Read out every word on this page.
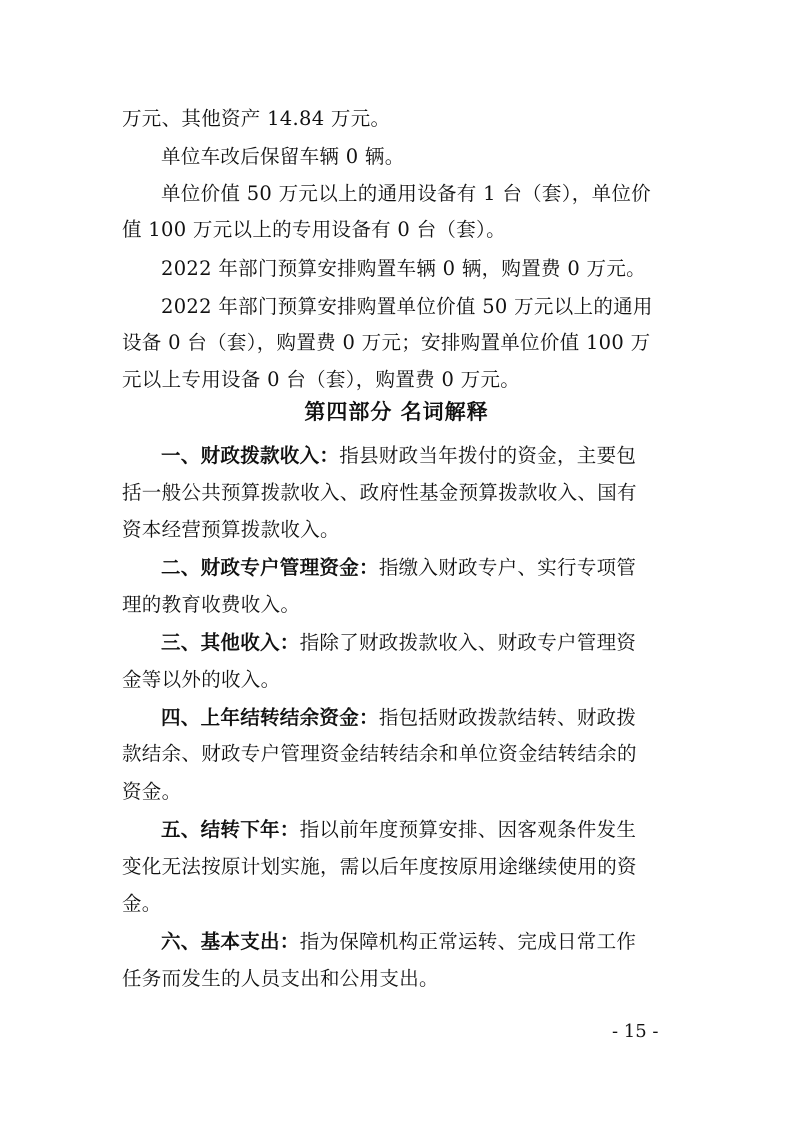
万元、其他资产 14.84 万元。
单位车改后保留车辆 0 辆。
单位价值 50 万元以上的通用设备有 1 台（套），单位价
值 100 万元以上的专用设备有 0 台（套）。
2022 年部门预算安排购置车辆 0 辆，购置费 0 万元。
2022 年部门预算安排购置单位价值 50 万元以上的通用
设备 0 台（套），购置费 0 万元；安排购置单位价值 100 万
元以上专用设备 0 台（套），购置费 0 万元。
第四部分 名词解释
一、财政拨款收入：指县财政当年拨付的资金，主要包
括一般公共预算拨款收入、政府性基金预算拨款收入、国有
资本经营预算拨款收入。
二、财政专户管理资金：指缴入财政专户、实行专项管
理的教育收费收入。
三、其他收入：指除了财政拨款收入、财政专户管理资
金等以外的收入。
四、上年结转结余资金：指包括财政拨款结转、财政拨
款结余、财政专户管理资金结转结余和单位资金结转结余的
资金。
五、结转下年：指以前年度预算安排、因客观条件发生
变化无法按原计划实施，需以后年度按原用途继续使用的资
金。
六、基本支出：指为保障机构正常运转、完成日常工作
任务而发生的人员支出和公用支出。
- 15 -
